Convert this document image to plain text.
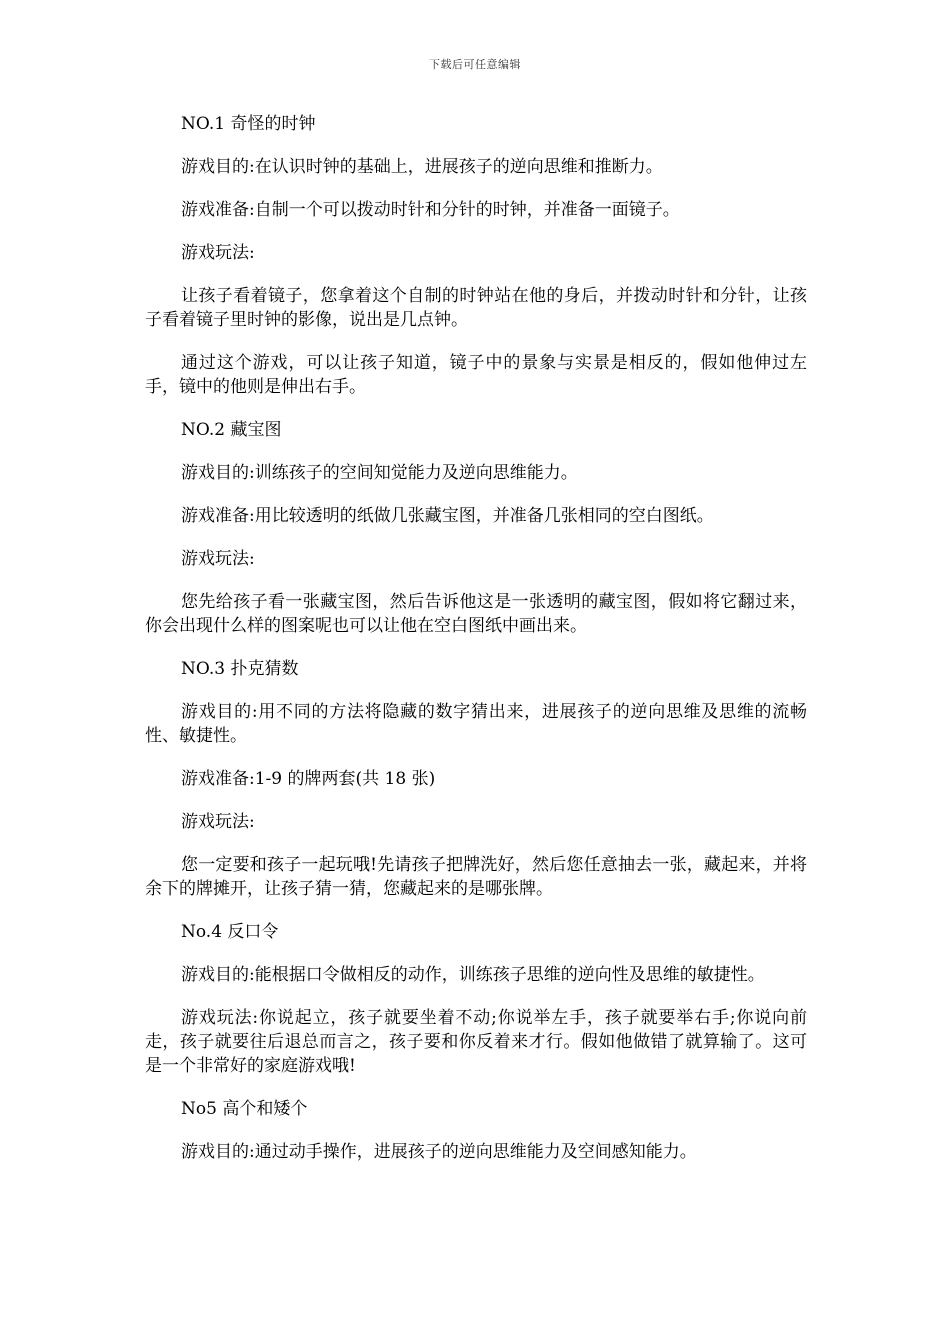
下载后可任意编辑

NO.1 奇怪的时钟

游戏目的:在认识时钟的基础上，进展孩子的逆向思维和推断力。

游戏准备:自制一个可以拨动时针和分针的时钟，并准备一面镜子。

游戏玩法:

让孩子看着镜子，您拿着这个自制的时钟站在他的身后，并拨动时针和分针，让孩子看着镜子里时钟的影像，说出是几点钟。

通过这个游戏，可以让孩子知道，镜子中的景象与实景是相反的，假如他伸过左手，镜中的他则是伸出右手。

NO.2 藏宝图

游戏目的:训练孩子的空间知觉能力及逆向思维能力。

游戏准备:用比较透明的纸做几张藏宝图，并准备几张相同的空白图纸。

游戏玩法:

您先给孩子看一张藏宝图，然后告诉他这是一张透明的藏宝图，假如将它翻过来，你会出现什么样的图案呢也可以让他在空白图纸中画出来。

NO.3 扑克猜数

游戏目的:用不同的方法将隐藏的数字猜出来，进展孩子的逆向思维及思维的流畅性、敏捷性。

游戏准备:1-9 的牌两套(共 18 张)

游戏玩法:

您一定要和孩子一起玩哦!先请孩子把牌洗好，然后您任意抽去一张，藏起来，并将余下的牌摊开，让孩子猜一猜，您藏起来的是哪张牌。

No.4 反口令

游戏目的:能根据口令做相反的动作，训练孩子思维的逆向性及思维的敏捷性。

游戏玩法:你说起立，孩子就要坐着不动;你说举左手，孩子就要举右手;你说向前走，孩子就要往后退总而言之，孩子要和你反着来才行。假如他做错了就算输了。这可是一个非常好的家庭游戏哦!

No5 高个和矮个

游戏目的:通过动手操作，进展孩子的逆向思维能力及空间感知能力。
